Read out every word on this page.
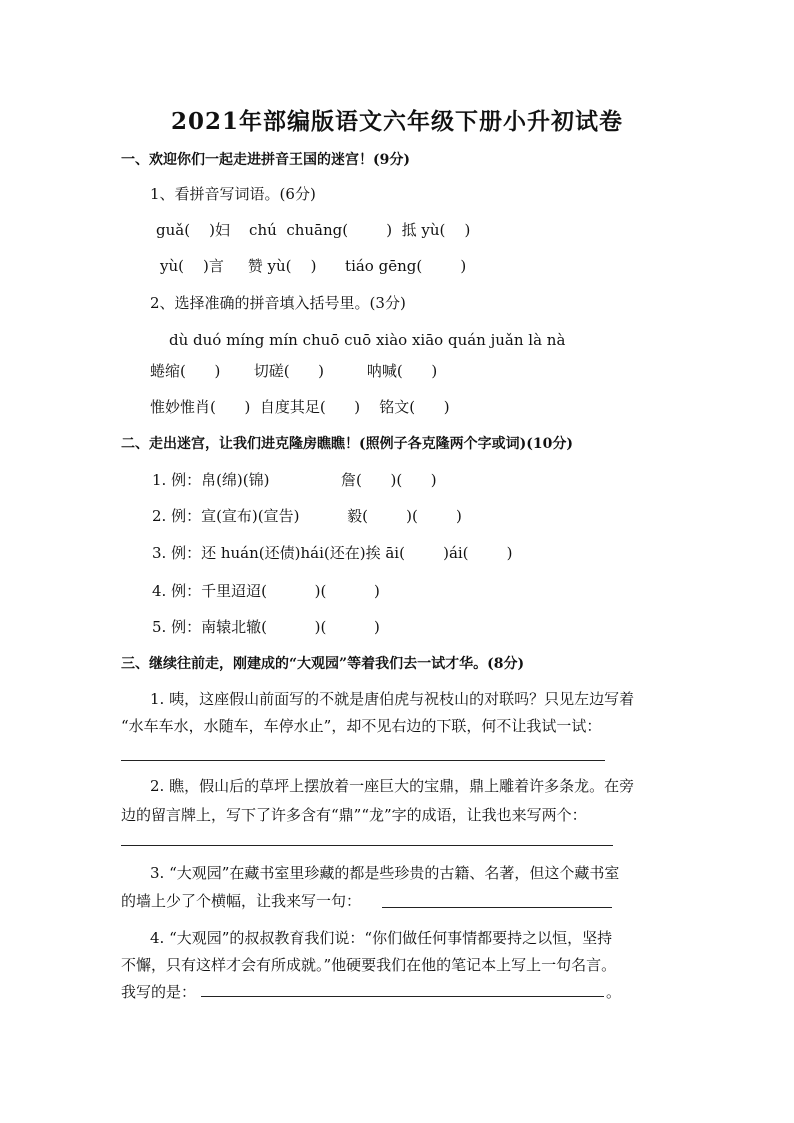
2021年部编版语文六年级下册小升初试卷
一、欢迎你们一起走进拼音王国的迷宫！(9分)
1、看拼音写词语。(6分)
guǎ(    )妇    chú  chuāng(        )  抵 yù(    )
yù(    )言     赞 yù(    )      tiáo gēng(        )
2、选择准确的拼音填入括号里。(3分)
dù duó míng mín chuō cuō xiào xiāo quán juǎn là nà
蜷缩(      )       切磋(      )         呐喊(      )
惟妙惟肖(      )  自度其足(      )    铭文(      )
二、走出迷宫，让我们进克隆房瞧瞧！(照例子各克隆两个字或词)(10分)
1. 例：帛(绵)(锦)               詹(      )(      )
2. 例：宣(宣布)(宣告)          毅(        )(        )
3. 例：还 huán(还债)hái(还在)挨 āi(        )ái(        )
4. 例：千里迢迢(          )(          )
5. 例：南辕北辙(          )(          )
三、继续往前走，刚建成的“大观园”等着我们去一试才华。(8分)
1. 咦，这座假山前面写的不就是唐伯虎与祝枝山的对联吗？只见左边写着
“水车车水，水随车，车停水止”，却不见右边的下联，何不让我试一试：
2. 瞧，假山后的草坪上摆放着一座巨大的宝鼎，鼎上雕着许多条龙。在旁
边的留言牌上，写下了许多含有“鼎”“龙”字的成语，让我也来写两个：
3. “大观园”在藏书室里珍藏的都是些珍贵的古籍、名著，但这个藏书室
的墙上少了个横幅，让我来写一句：
4. “大观园”的叔叔教育我们说：“你们做任何事情都要持之以恒，坚持
不懈，只有这样才会有所成就。”他硬要我们在他的笔记本上写上一句名言。
我写的是：	。
